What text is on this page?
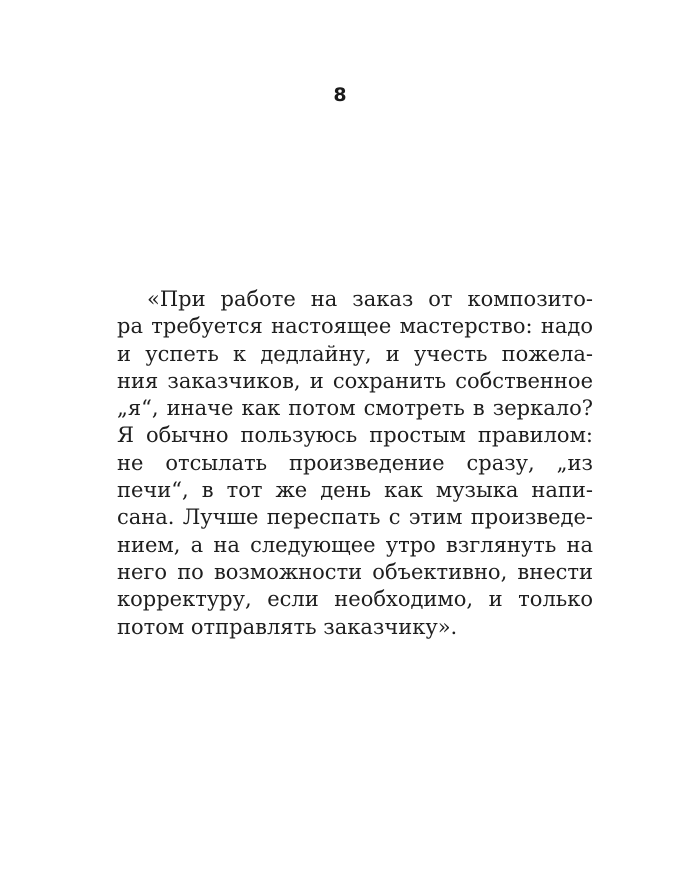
8
«При работе на заказ от композито-
ра требуется настоящее мастерство: надо
и успеть к дедлайну, и учесть пожела-
ния заказчиков, и сохранить собственное
„я“, иначе как потом смотреть в зеркало?
Я обычно пользуюсь простым правилом:
не отсылать произведение сразу, „из
печи“, в тот же день как музыка напи-
сана. Лучше переспать с этим произведе-
нием, а на следующее утро взглянуть на
него по возможности объективно, внести
корректуру, если необходимо, и только
потом отправлять заказчику».
